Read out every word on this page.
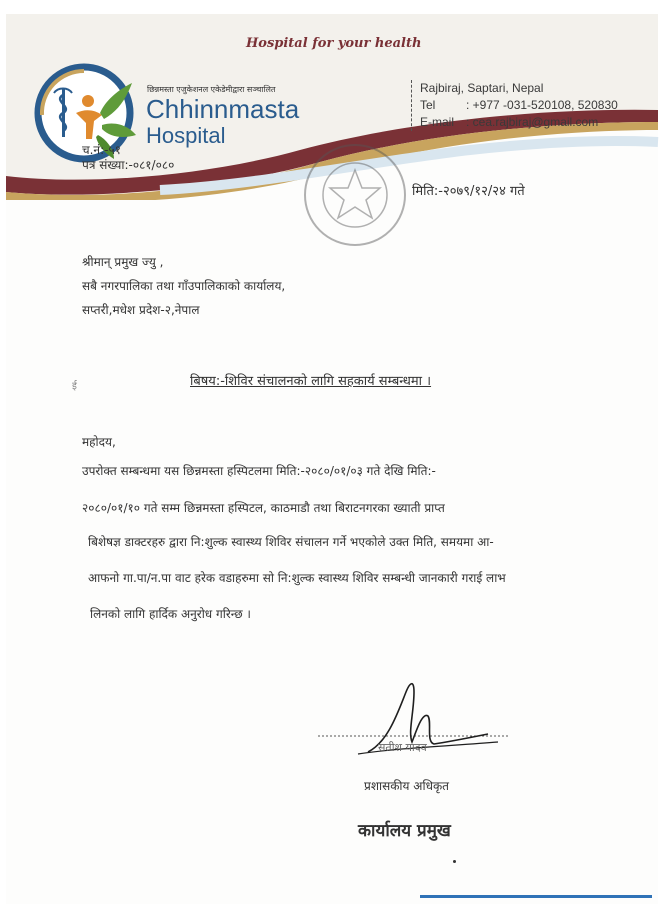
Hospital for your health
छिन्नमस्ता एजुकेशनल एकेडेमीद्वारा सञ्चालित
Chhinnmasta
Hospital
Rajbiraj, Saptari, Nepal
Tel	: +977 -031-520108, 520830
E-mail : cea.rajbiraj@gmail.com
च.नं:-५१
पत्र संख्या:-०८१/०८०
मिति:-२०७९/१२/२४ गते
श्रीमान् प्रमुख ज्यु ,
सबै नगरपालिका तथा गाँउपालिकाको कार्यालय,
सप्तरी,मधेश प्रदेश-२,नेपाल
ई	बिषय:-शिविर संचालनको लागि सहकार्य सम्बन्धमा ।
महोदय,
उपरोक्त सम्बन्धमा यस छिन्नमस्ता हस्पिटलमा मिति:-२०८०/०१/०३ गते देखि मिति:-
२०८०/०१/१० गते सम्म छिन्नमस्ता हस्पिटल, काठमाडौ तथा बिराटनगरका ख्याती प्राप्त
बिशेषज्ञ डाक्टरहरु द्वारा नि:शुल्क स्वास्थ्य शिविर संचालन गर्ने भएकोले उक्त मिति, समयमा आ-
आफनो गा.पा/न.पा वाट हरेक वडाहरुमा सो नि:शुल्क स्वास्थ्य शिविर सम्बन्धी जानकारी गराई लाभ
लिनको लागि हार्दिक अनुरोध गरिन्छ ।
सतीश यादव
प्रशासकीय अधिकृत
कार्यालय प्रमुख
